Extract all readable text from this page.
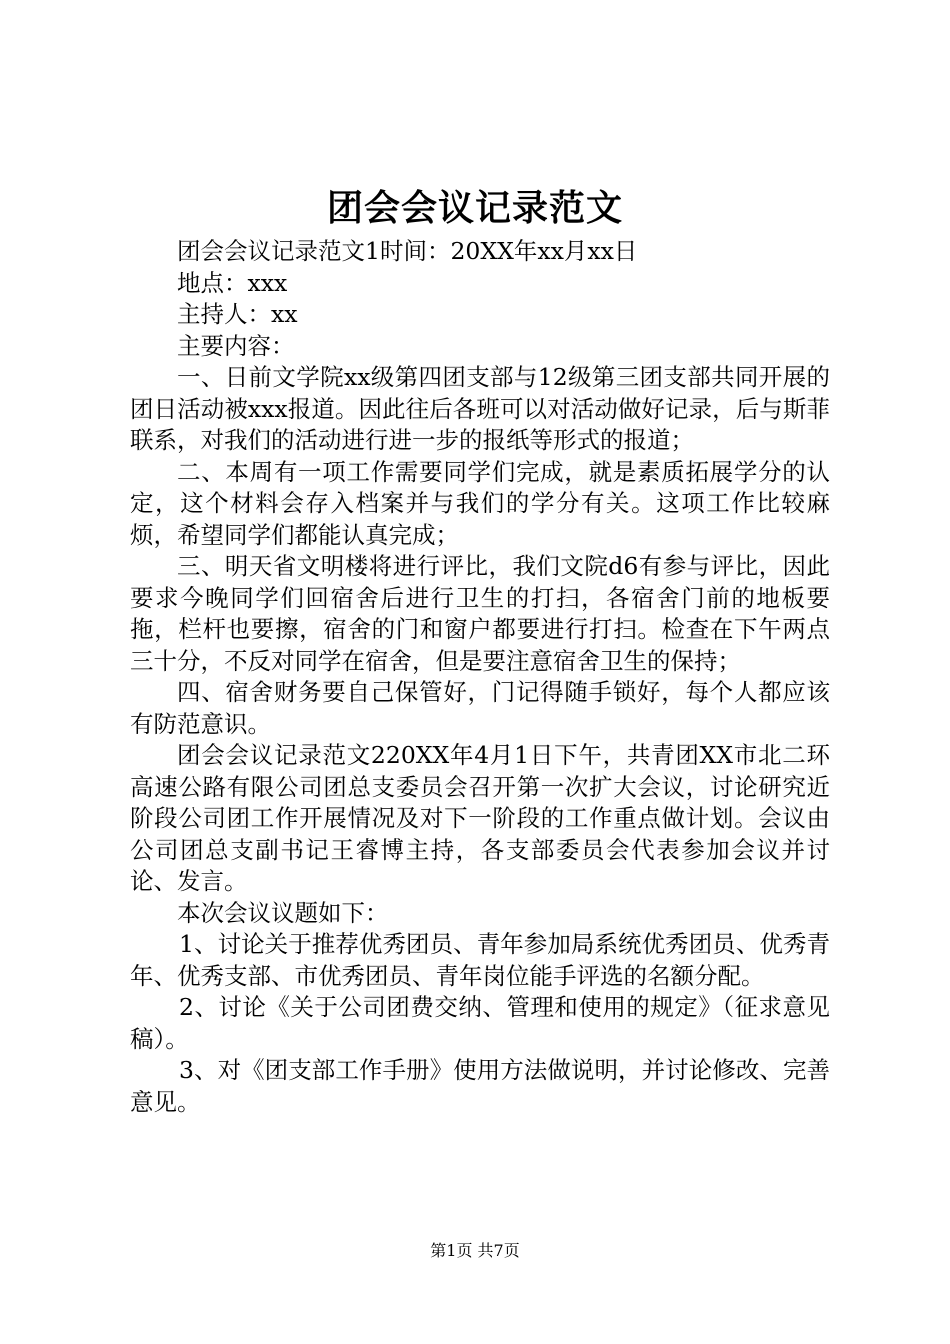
团会会议记录范文

团会会议记录范文1时间：20XX年xx月xx日

地点：xxx

主持人：xx

主要内容：

一、日前文学院xx级第四团支部与12级第三团支部共同开展的团日活动被xxx报道。因此往后各班可以对活动做好记录，后与斯菲联系，对我们的活动进行进一步的报纸等形式的报道；

二、本周有一项工作需要同学们完成，就是素质拓展学分的认定，这个材料会存入档案并与我们的学分有关。这项工作比较麻烦，希望同学们都能认真完成；

三、明天省文明楼将进行评比，我们文院d6有参与评比，因此要求今晚同学们回宿舍后进行卫生的打扫，各宿舍门前的地板要拖，栏杆也要擦，宿舍的门和窗户都要进行打扫。检查在下午两点三十分，不反对同学在宿舍，但是要注意宿舍卫生的保持；

四、宿舍财务要自己保管好，门记得随手锁好，每个人都应该有防范意识。

团会会议记录范文220XX年4月1日下午，共青团XX市北二环高速公路有限公司团总支委员会召开第一次扩大会议，讨论研究近阶段公司团工作开展情况及对下一阶段的工作重点做计划。会议由公司团总支副书记王睿博主持，各支部委员会代表参加会议并讨论、发言。

本次会议议题如下：

1、讨论关于推荐优秀团员、青年参加局系统优秀团员、优秀青年、优秀支部、市优秀团员、青年岗位能手评选的名额分配。

2、讨论《关于公司团费交纳、管理和使用的规定》（征求意见稿）。

3、对《团支部工作手册》使用方法做说明，并讨论修改、完善意见。

第1页 共7页
